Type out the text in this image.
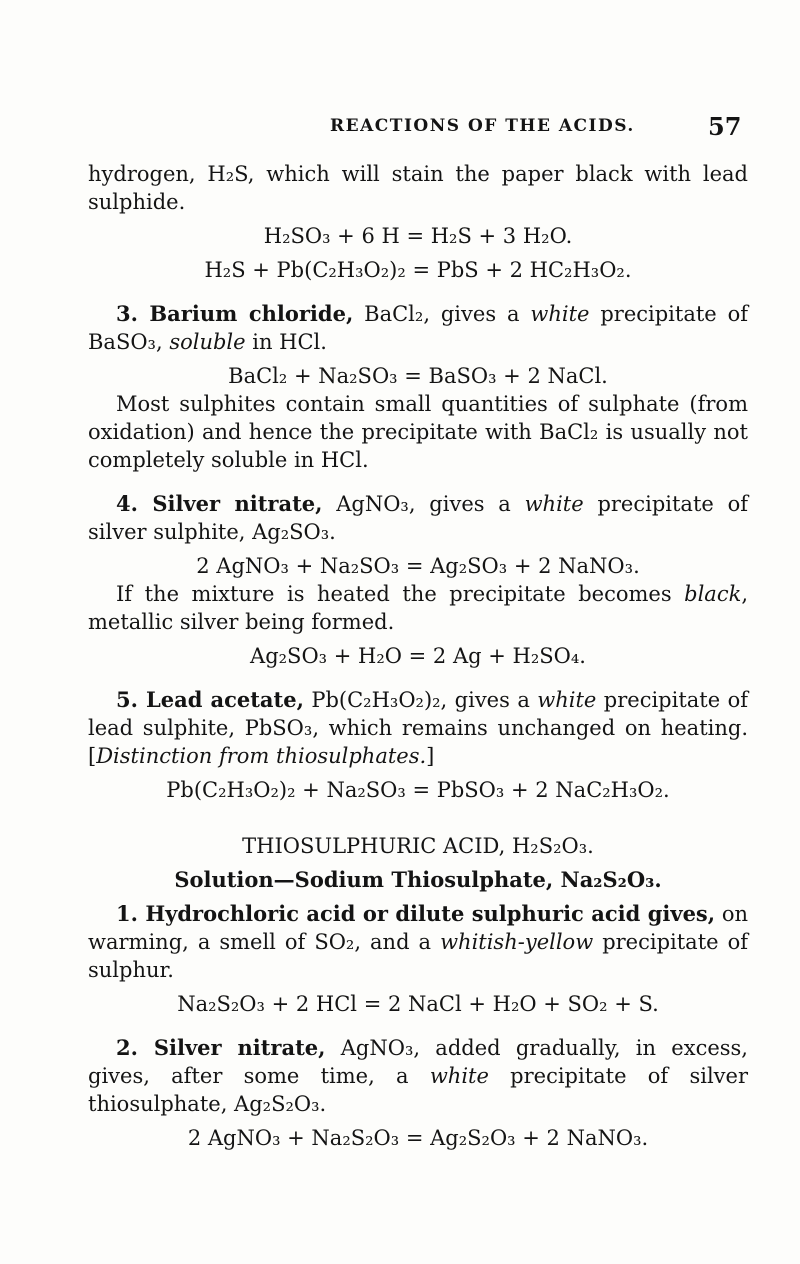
REACTIONS OF THE ACIDS.	57

hydrogen, H₂S, which will stain the paper black with lead sulphide.

H₂SO₃ + 6 H = H₂S + 3 H₂O.

H₂S + Pb(C₂H₃O₂)₂ = PbS + 2 HC₂H₃O₂.

3. Barium chloride, BaCl₂, gives a white precipitate of BaSO₃, soluble in HCl.

BaCl₂ + Na₂SO₃ = BaSO₃ + 2 NaCl.

Most sulphites contain small quantities of sulphate (from oxidation) and hence the precipitate with BaCl₂ is usually not completely soluble in HCl.

4. Silver nitrate, AgNO₃, gives a white precipitate of silver sulphite, Ag₂SO₃.

2 AgNO₃ + Na₂SO₃ = Ag₂SO₃ + 2 NaNO₃.

If the mixture is heated the precipitate becomes black, metallic silver being formed.

Ag₂SO₃ + H₂O = 2 Ag + H₂SO₄.

5. Lead acetate, Pb(C₂H₃O₂)₂, gives a white precipitate of lead sulphite, PbSO₃, which remains unchanged on heating. [Distinction from thiosulphates.]

Pb(C₂H₃O₂)₂ + Na₂SO₃ = PbSO₃ + 2 NaC₂H₃O₂.

THIOSULPHURIC ACID, H₂S₂O₃.

Solution—Sodium Thiosulphate, Na₂S₂O₃.

1. Hydrochloric acid or dilute sulphuric acid gives, on warming, a smell of SO₂, and a whitish-yellow precipitate of sulphur.

Na₂S₂O₃ + 2 HCl = 2 NaCl + H₂O + SO₂ + S.

2. Silver nitrate, AgNO₃, added gradually, in excess, gives, after some time, a white precipitate of silver thiosulphate, Ag₂S₂O₃.

2 AgNO₃ + Na₂S₂O₃ = Ag₂S₂O₃ + 2 NaNO₃.
